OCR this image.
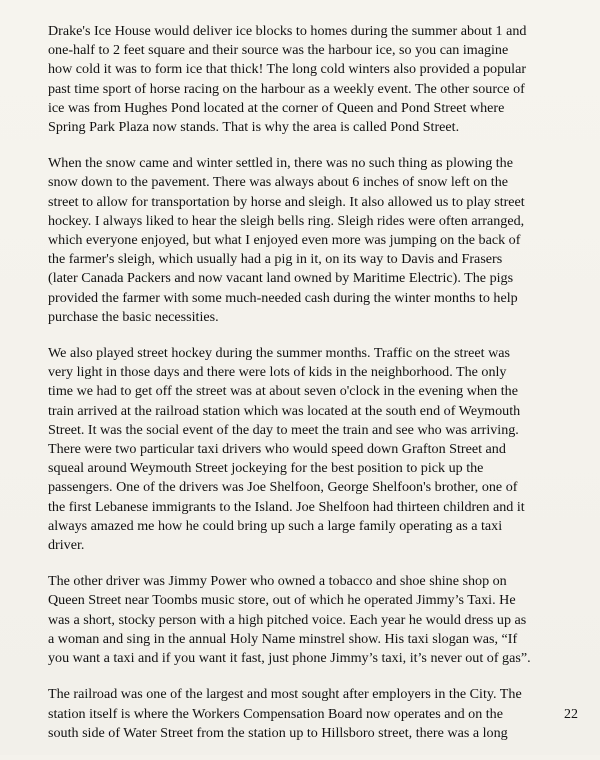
Drake's Ice House would deliver ice blocks to homes during the summer about 1 and
one-half to 2 feet square and their source was the harbour ice, so you can imagine
how cold it was to form ice that thick! The long cold winters also provided a popular
past time sport of horse racing on the harbour as a weekly event. The other source of
ice was from Hughes Pond located at the corner of Queen and Pond Street where
Spring Park Plaza now stands. That is why the area is called Pond Street.

When the snow came and winter settled in, there was no such thing as plowing the
snow down to the pavement. There was always about 6 inches of snow left on the
street to allow for transportation by horse and sleigh. It also allowed us to play street
hockey. I always liked to hear the sleigh bells ring. Sleigh rides were often arranged,
which everyone enjoyed, but what I enjoyed even more was jumping on the back of
the farmer's sleigh, which usually had a pig in it, on its way to Davis and Frasers
(later Canada Packers and now vacant land owned by Maritime Electric). The pigs
provided the farmer with some much-needed cash during the winter months to help
purchase the basic necessities.

We also played street hockey during the summer months. Traffic on the street was
very light in those days and there were lots of kids in the neighborhood. The only
time we had to get off the street was at about seven o'clock in the evening when the
train arrived at the railroad station which was located at the south end of Weymouth
Street. It was the social event of the day to meet the train and see who was arriving.
There were two particular taxi drivers who would speed down Grafton Street and
squeal around Weymouth Street jockeying for the best position to pick up the
passengers. One of the drivers was Joe Shelfoon, George Shelfoon's brother, one of
the first Lebanese immigrants to the Island. Joe Shelfoon had thirteen children and it
always amazed me how he could bring up such a large family operating as a taxi
driver.

The other driver was Jimmy Power who owned a tobacco and shoe shine shop on
Queen Street near Toombs music store, out of which he operated Jimmy’s Taxi. He
was a short, stocky person with a high pitched voice. Each year he would dress up as
a woman and sing in the annual Holy Name minstrel show. His taxi slogan was, “If
you want a taxi and if you want it fast, just phone Jimmy’s taxi, it’s never out of gas”.

The railroad was one of the largest and most sought after employers in the City. The
station itself is where the Workers Compensation Board now operates and on the
south side of Water Street from the station up to Hillsboro street, there was a long

22
